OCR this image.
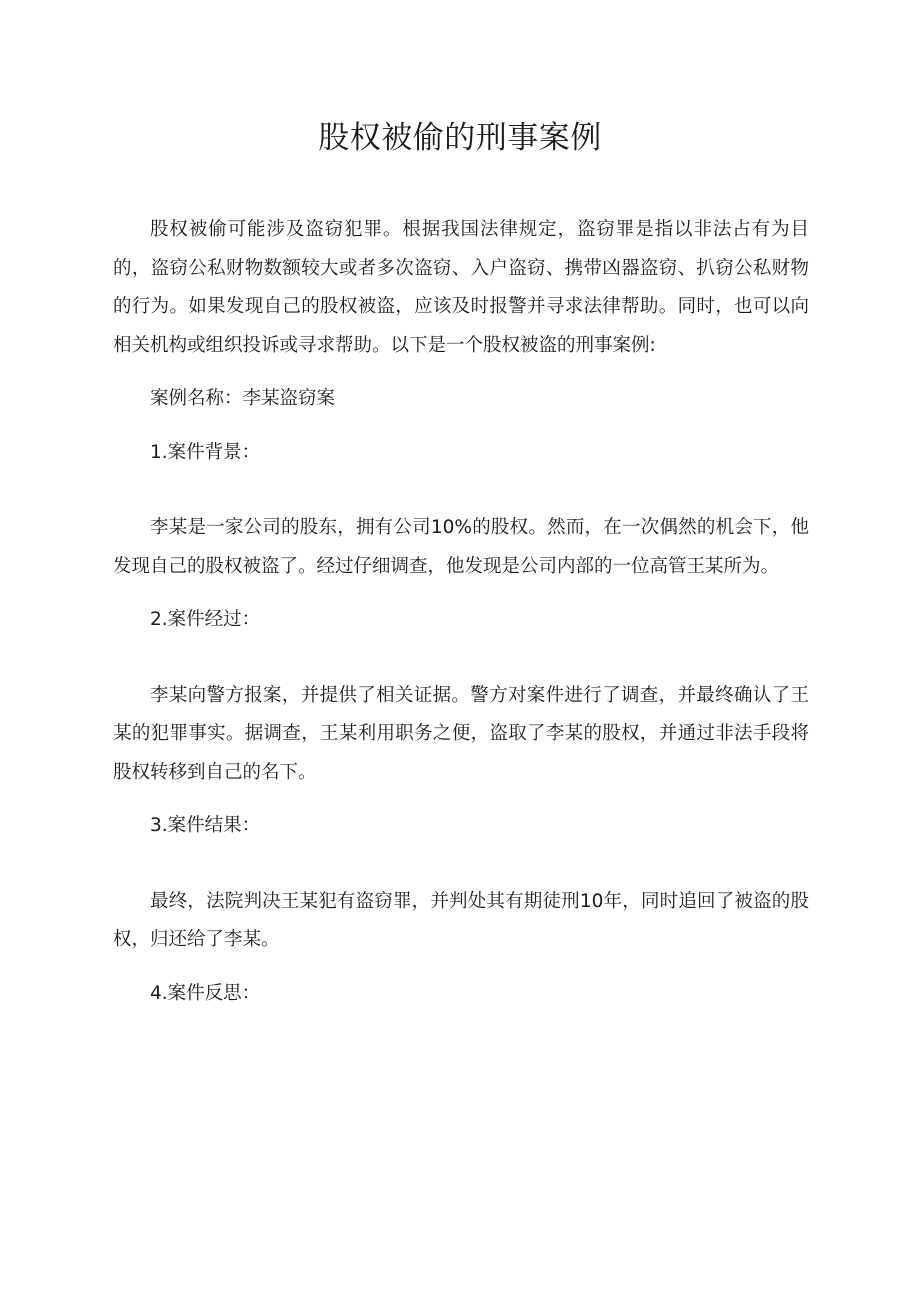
股权被偷的刑事案例

股权被偷可能涉及盗窃犯罪。根据我国法律规定，盗窃罪是指以非法占有为目的，盗窃公私财物数额较大或者多次盗窃、入户盗窃、携带凶器盗窃、扒窃公私财物的行为。如果发现自己的股权被盗，应该及时报警并寻求法律帮助。同时，也可以向相关机构或组织投诉或寻求帮助。以下是一个股权被盗的刑事案例:

案例名称：李某盗窃案

1.案件背景：

李某是一家公司的股东，拥有公司10%的股权。然而，在一次偶然的机会下，他发现自己的股权被盗了。经过仔细调查，他发现是公司内部的一位高管王某所为。

2.案件经过：

李某向警方报案，并提供了相关证据。警方对案件进行了调查，并最终确认了王某的犯罪事实。据调查，王某利用职务之便，盗取了李某的股权，并通过非法手段将股权转移到自己的名下。

3.案件结果：

最终，法院判决王某犯有盗窃罪，并判处其有期徒刑10年，同时追回了被盗的股权，归还给了李某。

4.案件反思：
